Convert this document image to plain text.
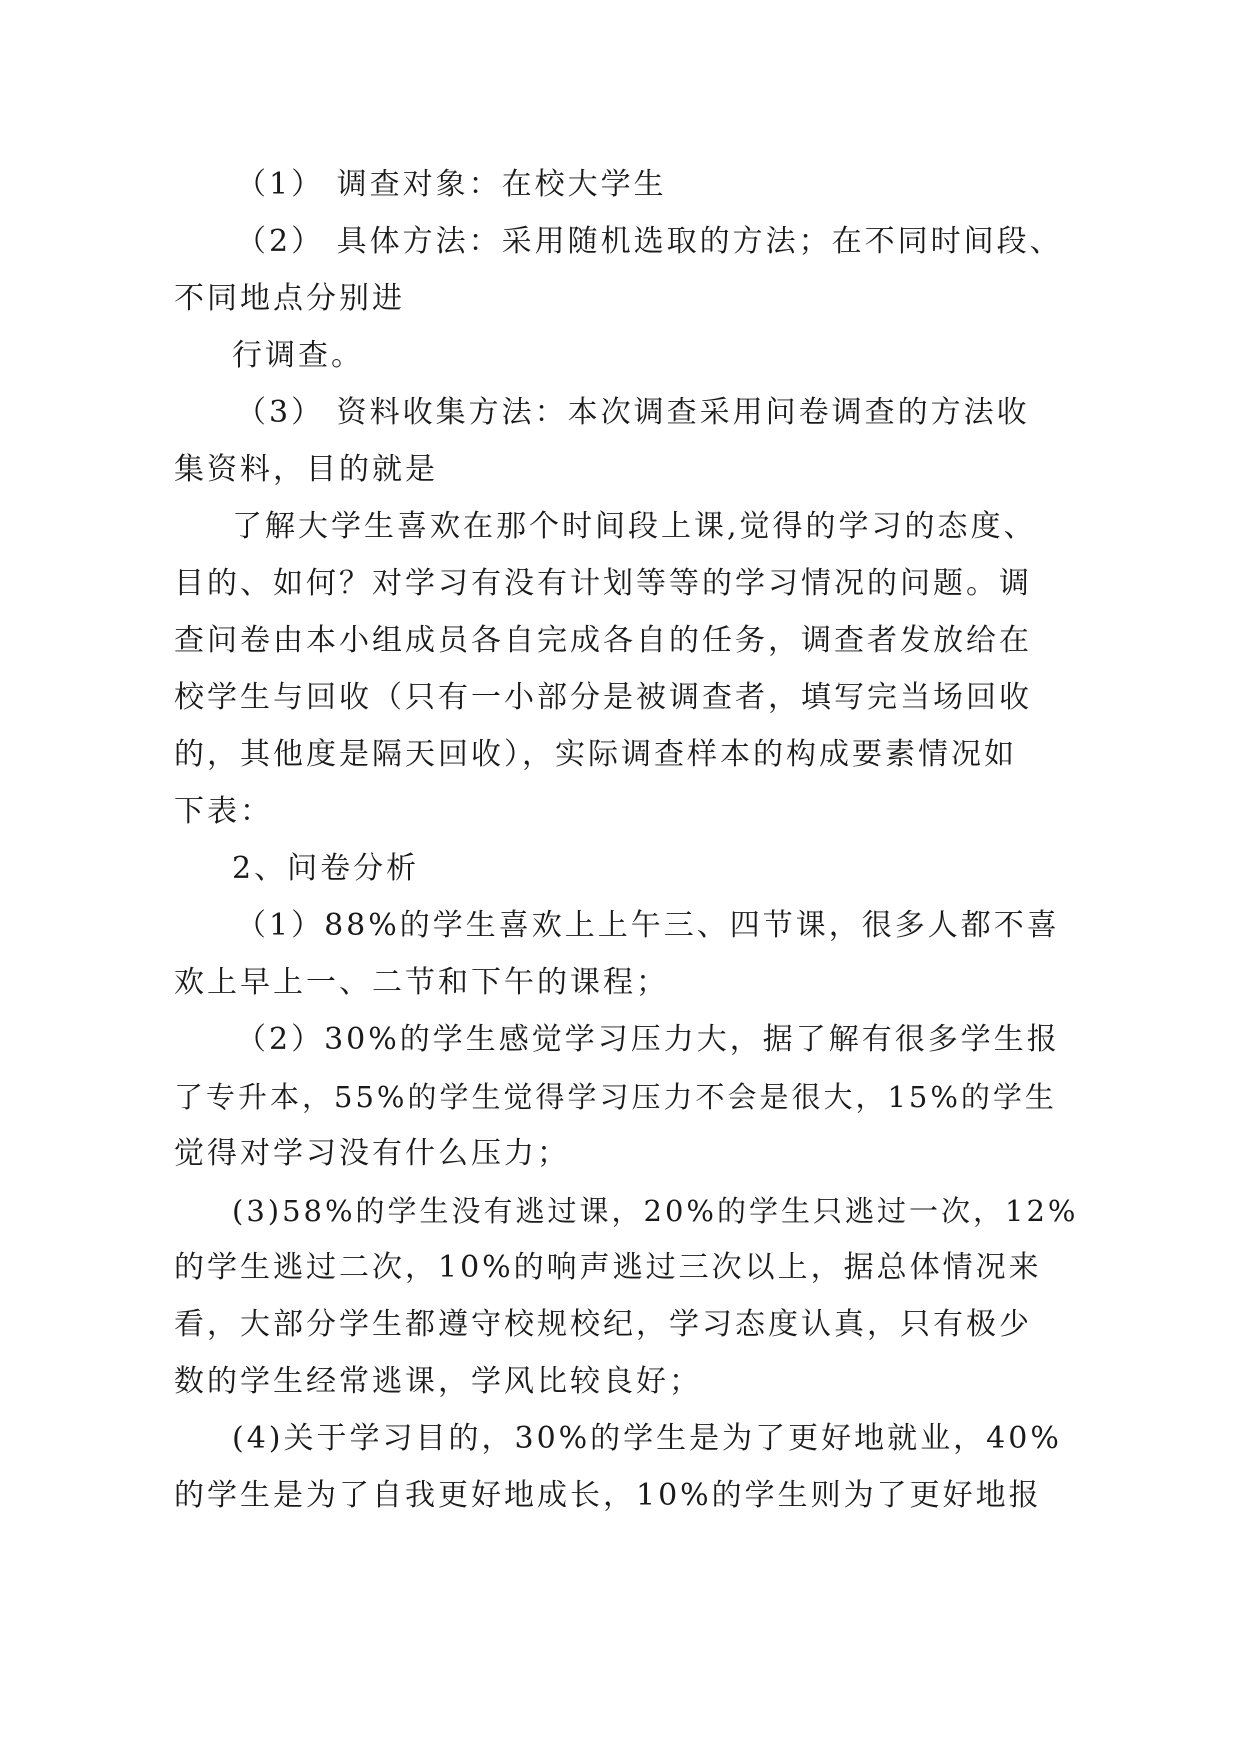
（1） 调查对象：在校大学生
（2） 具体方法：采用随机选取的方法；在不同时间段、
不同地点分别进
行调查。
（3） 资料收集方法：本次调查采用问卷调查的方法收
集资料，目的就是
了解大学生喜欢在那个时间段上课,觉得的学习的态度、
目的、如何？对学习有没有计划等等的学习情况的问题。调
查问卷由本小组成员各自完成各自的任务，调查者发放给在
校学生与回收（只有一小部分是被调查者，填写完当场回收
的，其他度是隔天回收），实际调查样本的构成要素情况如
下表：
2、问卷分析
（1）88%的学生喜欢上上午三、四节课，很多人都不喜
欢上早上一、二节和下午的课程；
（2）30%的学生感觉学习压力大，据了解有很多学生报
了专升本，55%的学生觉得学习压力不会是很大，15%的学生
觉得对学习没有什么压力；
(3)58%的学生没有逃过课，20%的学生只逃过一次，12%
的学生逃过二次，10%的响声逃过三次以上，据总体情况来
看，大部分学生都遵守校规校纪，学习态度认真，只有极少
数的学生经常逃课，学风比较良好；
(4)关于学习目的，30%的学生是为了更好地就业，40%
的学生是为了自我更好地成长，10%的学生则为了更好地报
